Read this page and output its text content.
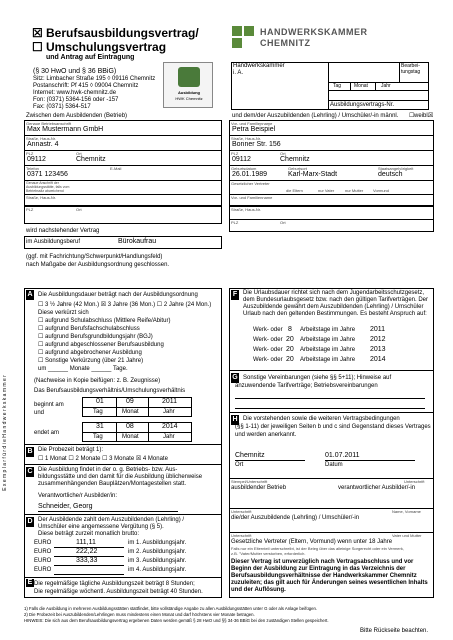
☒ Berufsausbildungsvertrag/
☐ Umschulungsvertrag
und Antrag auf Eintragung
(§ 30 HwO und § 36 BBiG)
Sitz: Limbacher Straße 195 ◊ 09116 Chemnitz
Postanschrift: Pf 415 ◊ 09004 Chemnitz
Internet: www.hwk-chemnitz.de
Fon: (0371) 5364-156 oder -157
Fax: (0371) 5364-517
Ausbildung
HWK Chemnitz
HANDWERKSKAMMER
CHEMNITZ
Handwerkskammer
i. A.
Bearbei-tungstag
Tag	Monat	Jahr
Ausbildungsvertrags-Nr.
Zwischen dem Ausbildenden (Betrieb)	und dem/der Auszubildenden (Lehrling) / Umschüler/-in männl. ☐ weibl.
☒
Genaue Betriebsanschrift
Max Mustermann GmbH
Straße, Haus-Nr.
Annastr. 4
PLZ	Ort
09112	Chemnitz
Telefon	E-Mail
0371 123456
Genaue Anschrift der Ausbildungsstätte, falls vom Betriebssitz abweichend
Straße, Haus-Nr.
Vor- und Familienname
Petra Beispiel
Straße, Haus-Nr.
Bonner Str. 156
PLZ	Ort
09112	Chemnitz
Geburtsdatum	Geburtsort	Staatsangehörigkeit
26.01.1989	Karl-Marx-Stadt	deutsch
Gesetzlicher Vertreter
die Eltern	nur Vater	nur Mutter Vormund
Vor- und Familienname
PLZ	Ort	Straße, Haus-Nr.
PLZ	Ort
wird nachstehender Vertrag
im Ausbildungsberuf	Bürokaufrau
(ggf. mit Fachrichtung/Schwerpunkt/Handlungsfeld)
nach Maßgabe der Ausbildungsordnung geschlossen.
E x e m p l a r f ü r d i e H a n d w e r k s k a m m e r
A Die Ausbildungsdauer beträgt nach der Ausbildungsordnung
☐ 3 ½ Jahre (42 Mon.) ☒ 3 Jahre (36 Mon.) ☐ 2 Jahre (24 Mon.)
Diese verkürzt sich
☐ aufgrund Schulabschluss (Mittlere Reife/Abitur)
☐ aufgrund Berufsfachschulabschluss
☐ aufgrund Berufsgrundbildungsjahr (BGJ)
☐ aufgrund abgeschlossener Berufsausbildung
☐ aufgrund abgebrochener Ausbildung
☐ Sonstige Verkürzung (über 21 Jahre)
um ______ Monate ______ Tage.
(Nachweise in Kopie beifügen: z. B. Zeugnisse)
Das Berufsausbildungsverhältnis/Umschulungsverhältnis
beginnt am
und
01	09	2011
Tag	Monat	Jahr
endet am
31	08	2014
Tag	Monat	Jahr
B Die Probezeit beträgt 1):
☐ 1 Monat ☐ 2 Monate ☐ 3 Monate ☒ 4 Monate
C Die Ausbildung findet in der o. g. Betriebs- bzw. Aus-
bildungsstätte und den damit für die Ausbildung üblicherweise
zusammenhängenden Bauplätzen/Montagestellen statt.
Verantwortliche/r Ausbilder/in:
Schneider, Georg
D Der Ausbildende zahlt dem Auszubildenden (Lehrling) /
Umschüler eine angemessene Vergütung (§ 5).
Diese beträgt zurzeit monatlich brutto:
EURO	111,11	im 1. Ausbildungsjahr.
EURO	222,22	im 2. Ausbildungsjahr.
EURO	333,33	im 3. Ausbildungsjahr.
EURO	im 4. Ausbildungsjahr.
E Die regelmäßige tägliche Ausbildungszeit beträgt 8 Stunden;
Die regelmäßige wöchentl. Ausbildungszeit beträgt 40 Stunden.
F Die Urlaubsdauer richtet sich nach dem Jugendarbeitsschutzgesetz, dem Bundesurlaubsgesetz bzw. nach den gültigen Tarifverträgen. Der Auszubildende gewährt dem Auszubildenden (Lehrling) / Umschüler Urlaub nach den geltenden Bestimmungen. Es besteht Anspruch auf:
Werk- oder 8 Arbeitstage im Jahre 2011
Werk- oder 20 Arbeitstage im Jahre 2012
Werk- oder 20 Arbeitstage im Jahre 2013
Werk- oder 20 Arbeitstage im Jahre 2014
G Sonstige Vereinbarungen (siehe §§ 5+11); Hinweise auf
anzuwendende Tarifverträge; Betriebsvereinbarungen
H Die vorstehenden sowie die weiteren Vertragsbedingungen
(§§ 1-11) der jeweiligen Seiten b und c sind Gegenstand dieses Vertrages
und werden anerkannt.
Chemnitz	01.07.2011
Ort	Datum
Stempel/Unterschrift	Unterschrift
ausbildender Betrieb	verantwortlicher Ausbilder/-in
Unterschrift	Name, Vorname
die/der Auszubildende (Lehrling) / Umschüler/-in
Unterschrift	Vater und Mutter
Gesetzliche Vertreter (Eltern, Vormund) wenn unter 18 Jahre
Falls nur ein Elternteil unterschreibt, ist der Beleg über das alleinige Sorgerecht oder ein Vermerk,
z.B. "Vater/Mutter verstorben, erforderlich.
Dieser Vertrag ist unverzüglich nach Vertragsabschluss und vor
Beginn der Ausbildung zur Eintragung in das Verzeichnis der
Berufsausbildungsverhältnisse der Handwerkskammer Chemnitz
zuzuleiten; das gilt auch für Änderungen seines wesentlichen Inhalts
und der Auflösung.
1) Falls die Ausbildung in mehreren Ausbildungsstätten stattfindet, bitte vollständige Angabe zu allen Ausbildungsstätten unter G oder als Anlage beifügen.
2) Die Probezeit bei Auszubildenden/Lehrlingen muss mindestens einen Monat und darf höchstens vier Monate betragen.
HINWEIS: Die sich aus dem Berufsausbildungsvertrag ergebenen Daten werden gemäß § 28 HwO und §§ 34-36 BBiG bei den zuständigen Stellen gespeichert.
Bitte Rückseite beachten.
